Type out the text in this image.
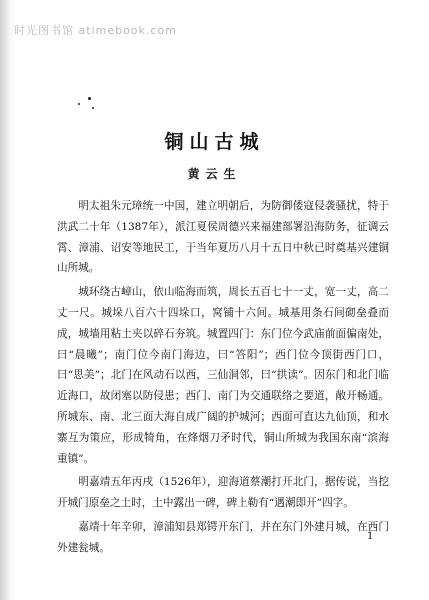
时光图书馆 atimebook.com
铜山古城
黄云生

明太祖朱元璋统一中国，建立明朝后，为防御倭寇侵袭骚扰，特于洪武二十年（1387年），派江夏侯周德兴来福建部署沿海防务，征调云霄、漳浦、诏安等地民工，于当年夏历八月十五日中秋已时奠基兴建铜山所城。

城环绕古嶂山，依山临海而筑，周长五百七十一丈，宽一丈，高二丈一尺。城垛八百六十四垛口，窝铺十六间。城基用条石间砌垒叠而成，城墙用粘土夹以碎石夯筑。城置四门：东门位今武庙前面偏南处，曰“晨曦”；南门位今南门海边，曰“答阳”；西门位今顶街西门口，曰“思美”；北门在风动石以西，三仙洞邻，曰“拱读”。因东门和北门临近海口，故闭塞以防侵患；西门、南门为交通联络之要道，敞开畅通。所城东、南、北三面大海自成广阔的护城河；西面可直达九仙顶，和水寨互为策应，形成犄角，在烽烟刀矛时代，铜山所城为我国东南“滨海重镇”。

明嘉靖五年丙戌（1526年），迎海道蔡潮打开北门，据传说，当挖开城门原垒之土时，土中露出一碑，碑上勒有“遇潮即开”四字。

嘉靖十年辛卯，漳浦知县郑锷开东门，并在东门外建月城，在西门外建瓮城。

1
